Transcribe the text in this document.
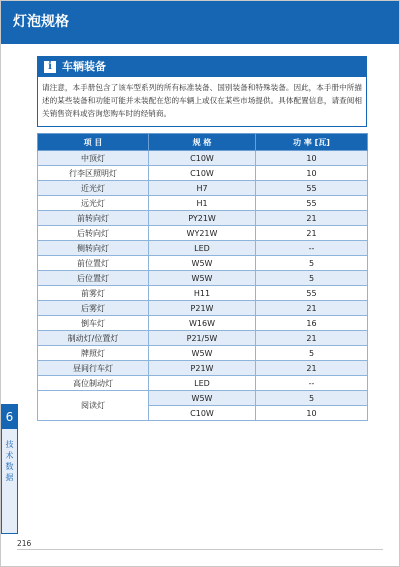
灯泡规格
i 车辆装备
请注意，本手册包含了该车型系列的所有标准装备、国别装备和特殊装备。因此，本手册中所描述的某些装备和功能可能并未装配在您的车辆上或仅在某些市场提供。具体配置信息，请查阅相关销售资料或咨询您购车时的经销商。
项 目	规 格	功 率 [瓦]
中顶灯	C10W	10
行李区照明灯	C10W	10
近光灯	H7	55
远光灯	H1	55
前转向灯	PY21W	21
后转向灯	WY21W	21
侧转向灯	LED	--
前位置灯	W5W	5
后位置灯	W5W	5
前雾灯	H11	55
后雾灯	P21W	21
倒车灯	W16W	16
制动灯/位置灯	P21/5W	21
牌照灯	W5W	5
昼间行车灯	P21W	21
高位制动灯	LED	--
阅读灯	W5W	5
	C10W	10
6
技术数据
216
